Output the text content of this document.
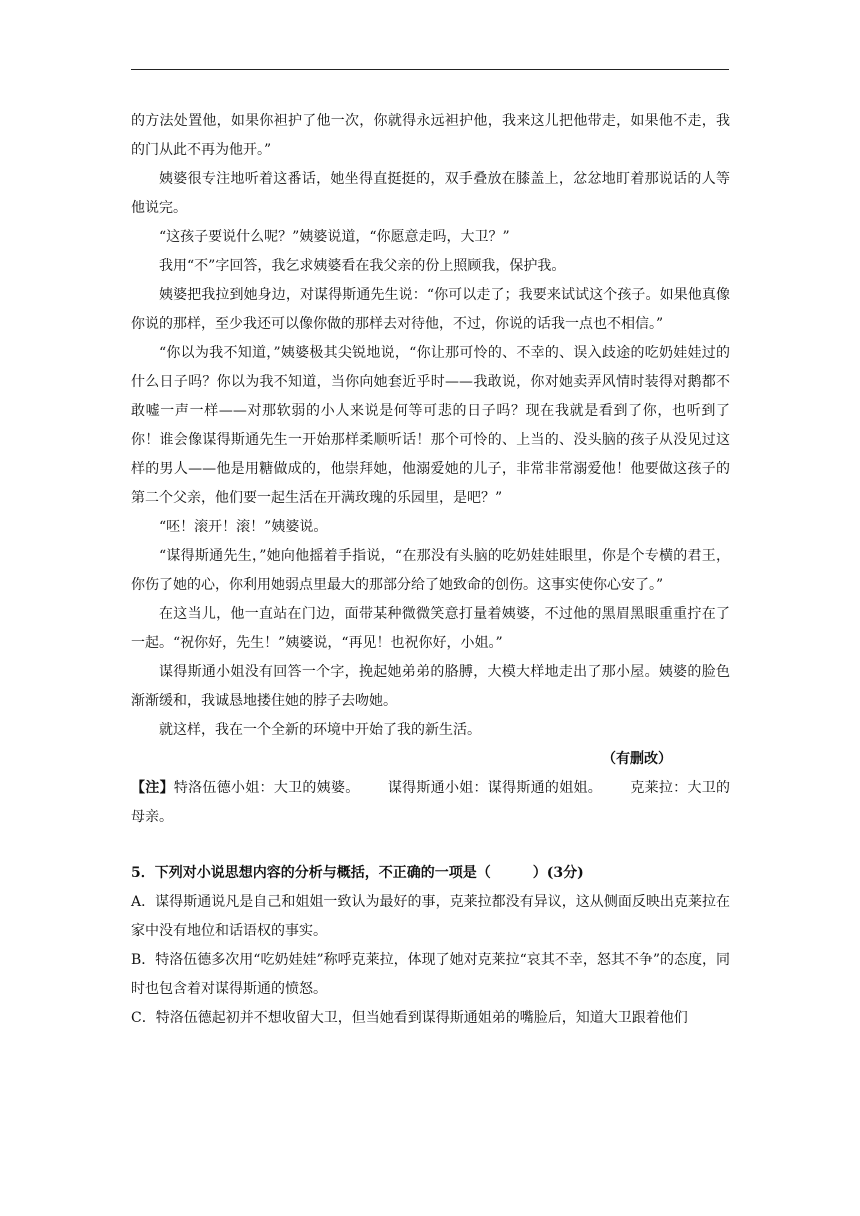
的方法处置他，如果你袒护了他一次，你就得永远袒护他，我来这儿把他带走，如果他不走，我的门从此不再为他开。”

姨婆很专注地听着这番话，她坐得直挺挺的，双手叠放在膝盖上，忿忿地盯着那说话的人等他说完。

“这孩子要说什么呢？”姨婆说道，“你愿意走吗，大卫？”

我用“不”字回答，我乞求姨婆看在我父亲的份上照顾我，保护我。

姨婆把我拉到她身边，对谋得斯通先生说：“你可以走了；我要来试试这个孩子。如果他真像你说的那样，至少我还可以像你做的那样去对待他，不过，你说的话我一点也不相信。”

“你以为我不知道，”姨婆极其尖锐地说，“你让那可怜的、不幸的、误入歧途的吃奶娃娃过的什么日子吗？你以为我不知道，当你向她套近乎时——我敢说，你对她卖弄风情时装得对鹅都不敢嘘一声一样——对那软弱的小人来说是何等可悲的日子吗？现在我就是看到了你，也听到了你！谁会像谋得斯通先生一开始那样柔顺听话！那个可怜的、上当的、没头脑的孩子从没见过这样的男人——他是用糖做成的，他崇拜她，他溺爱她的儿子，非常非常溺爱他！他要做这孩子的第二个父亲，他们要一起生活在开满玫瑰的乐园里，是吧？”

“呸！滚开！滚！”姨婆说。

“谋得斯通先生，”她向他摇着手指说，“在那没有头脑的吃奶娃娃眼里，你是个专横的君王，你伤了她的心，你利用她弱点里最大的那部分给了她致命的创伤。这事实使你心安了。”

在这当儿，他一直站在门边，面带某种微微笑意打量着姨婆，不过他的黑眉黑眼重重拧在了一起。“祝你好，先生！”姨婆说，“再见！也祝你好，小姐。”

谋得斯通小姐没有回答一个字，挽起她弟弟的胳膊，大模大样地走出了那小屋。姨婆的脸色渐渐缓和，我诚恳地搂住她的脖子去吻她。

就这样，我在一个全新的环境中开始了我的新生活。

（有删改）

【注】特洛伍德小姐：大卫的姨婆。 谋得斯通小姐：谋得斯通的姐姐。 克莱拉：大卫的母亲。

5．下列对小说思想内容的分析与概括，不正确的一项是（　　　）(3分)

A．谋得斯通说凡是自己和姐姐一致认为最好的事，克莱拉都没有异议，这从侧面反映出克莱拉在家中没有地位和话语权的事实。

B．特洛伍德多次用“吃奶娃娃”称呼克莱拉，体现了她对克莱拉“哀其不幸，怒其不争”的态度，同时也包含着对谋得斯通的愤怒。

C．特洛伍德起初并不想收留大卫，但当她看到谋得斯通姐弟的嘴脸后，知道大卫跟着他们
